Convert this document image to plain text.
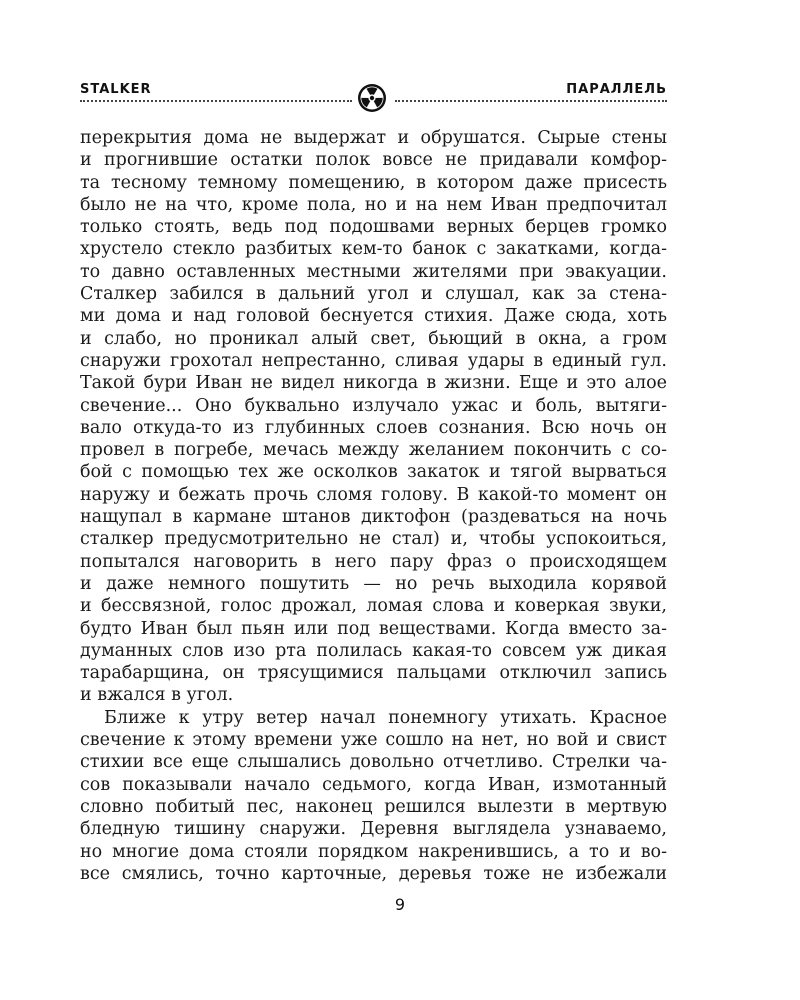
STALKER	ПАРАЛЛЕЛЬ
перекрытия дома не выдержат и обрушатся. Сырые стены
и прогнившие остатки полок вовсе не придавали комфор-
та тесному темному помещению, в котором даже присесть
было не на что, кроме пола, но и на нем Иван предпочитал
только стоять, ведь под подошвами верных берцев громко
хрустело стекло разбитых кем-то банок с закатками, когда-
то давно оставленных местными жителями при эвакуации.
Сталкер забился в дальний угол и слушал, как за стена-
ми дома и над головой беснуется стихия. Даже сюда, хоть
и слабо, но проникал алый свет, бьющий в окна, а гром
снаружи грохотал непрестанно, сливая удары в единый гул.
Такой бури Иван не видел никогда в жизни. Еще и это алое
свечение... Оно буквально излучало ужас и боль, вытяги-
вало откуда-то из глубинных слоев сознания. Всю ночь он
провел в погребе, мечась между желанием покончить с со-
бой с помощью тех же осколков закаток и тягой вырваться
наружу и бежать прочь сломя голову. В какой-то момент он
нащупал в кармане штанов диктофон (раздеваться на ночь
сталкер предусмотрительно не стал) и, чтобы успокоиться,
попытался наговорить в него пару фраз о происходящем
и даже немного пошутить — но речь выходила корявой
и бессвязной, голос дрожал, ломая слова и коверкая звуки,
будто Иван был пьян или под веществами. Когда вместо за-
думанных слов изо рта полилась какая-то совсем уж дикая
тарабарщина, он трясущимися пальцами отключил запись
и вжался в угол.
Ближе к утру ветер начал понемногу утихать. Красное
свечение к этому времени уже сошло на нет, но вой и свист
стихии все еще слышались довольно отчетливо. Стрелки ча-
сов показывали начало седьмого, когда Иван, измотанный
словно побитый пес, наконец решился вылезти в мертвую
бледную тишину снаружи. Деревня выглядела узнаваемо,
но многие дома стояли порядком накренившись, а то и во-
все смялись, точно карточные, деревья тоже не избежали
9
